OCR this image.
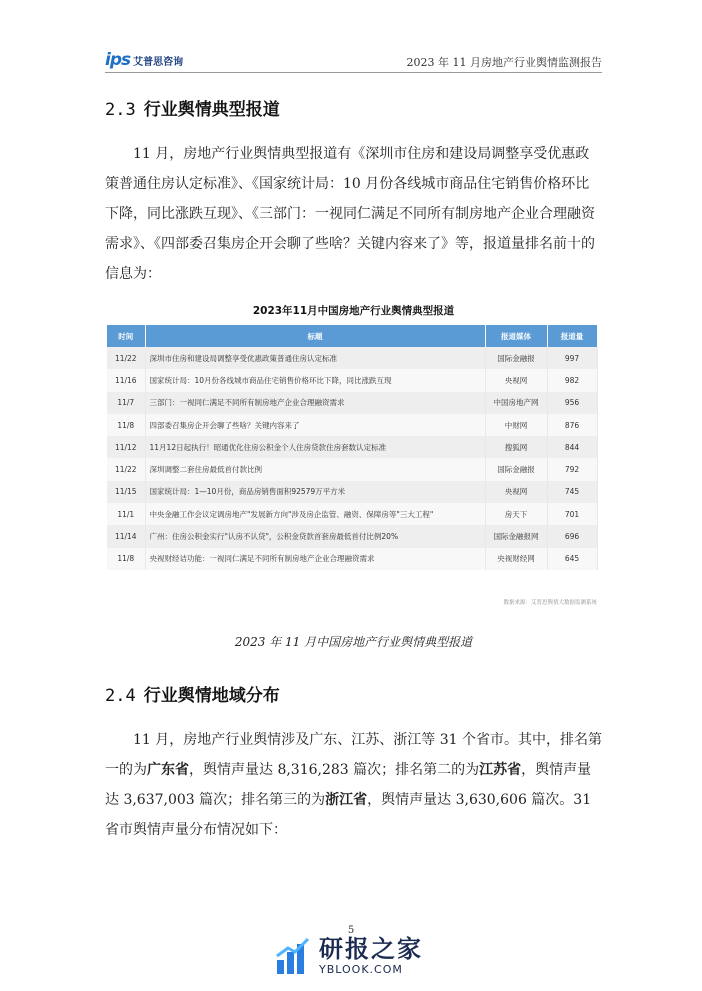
ips 艾普思咨询	2023 年 11 月房地产行业舆情监测报告
2.3 行业舆情典型报道

11 月，房地产行业舆情典型报道有《深圳市住房和建设局调整享受优惠政策普通住房认定标准》、《国家统计局：10 月份各线城市商品住宅销售价格环比下降，同比涨跌互现》、《三部门：一视同仁满足不同所有制房地产企业合理融资需求》、《四部委召集房企开会聊了些啥？关键内容来了》等，报道量排名前十的信息为：

2023年11月中国房地产行业舆情典型报道
时间	标题	报道媒体	报道量
11/22	深圳市住房和建设局调整享受优惠政策普通住房认定标准	国际金融报	997
11/16	国家统计局：10月份各线城市商品住宅销售价格环比下降，同比涨跌互现	央视网	982
11/7	三部门：一视同仁满足不同所有制房地产企业合理融资需求	中国房地产网	956
11/8	四部委召集房企开会聊了些啥？关键内容来了	中财网	876
11/12	11月12日起执行！昭通优化住房公积金个人住房贷款住房套数认定标准	搜狐网	844
11/22	深圳调整二套住房最低首付款比例	国际金融报	792
11/15	国家统计局：1—10月份，商品房销售面积92579万平方米	央视网	745
11/1	中央金融工作会议定调房地产"发展新方向"涉及房企监管、融资、保障房等"三大工程"	房天下	701
11/14	广州：住房公积金实行"认房不认贷"，公积金贷款首套房最低首付比例20%	国际金融报网	696
11/8	央视财经诘功能：一视同仁满足不同所有制房地产企业合理融资需求	央视财经网	645
数据来源：艾普思舆情大数据监测系统
2023 年 11 月中国房地产行业舆情典型报道
2.4 行业舆情地域分布

11 月，房地产行业舆情涉及广东、江苏、浙江等 31 个省市。其中，排名第一的为广东省，舆情声量达 8,316,283 篇次；排名第二的为江苏省，舆情声量达 3,637,003 篇次；排名第三的为浙江省，舆情声量达 3,630,606 篇次。31 省市舆情声量分布情况如下：

5
研报之家
YBLOOK.COM
